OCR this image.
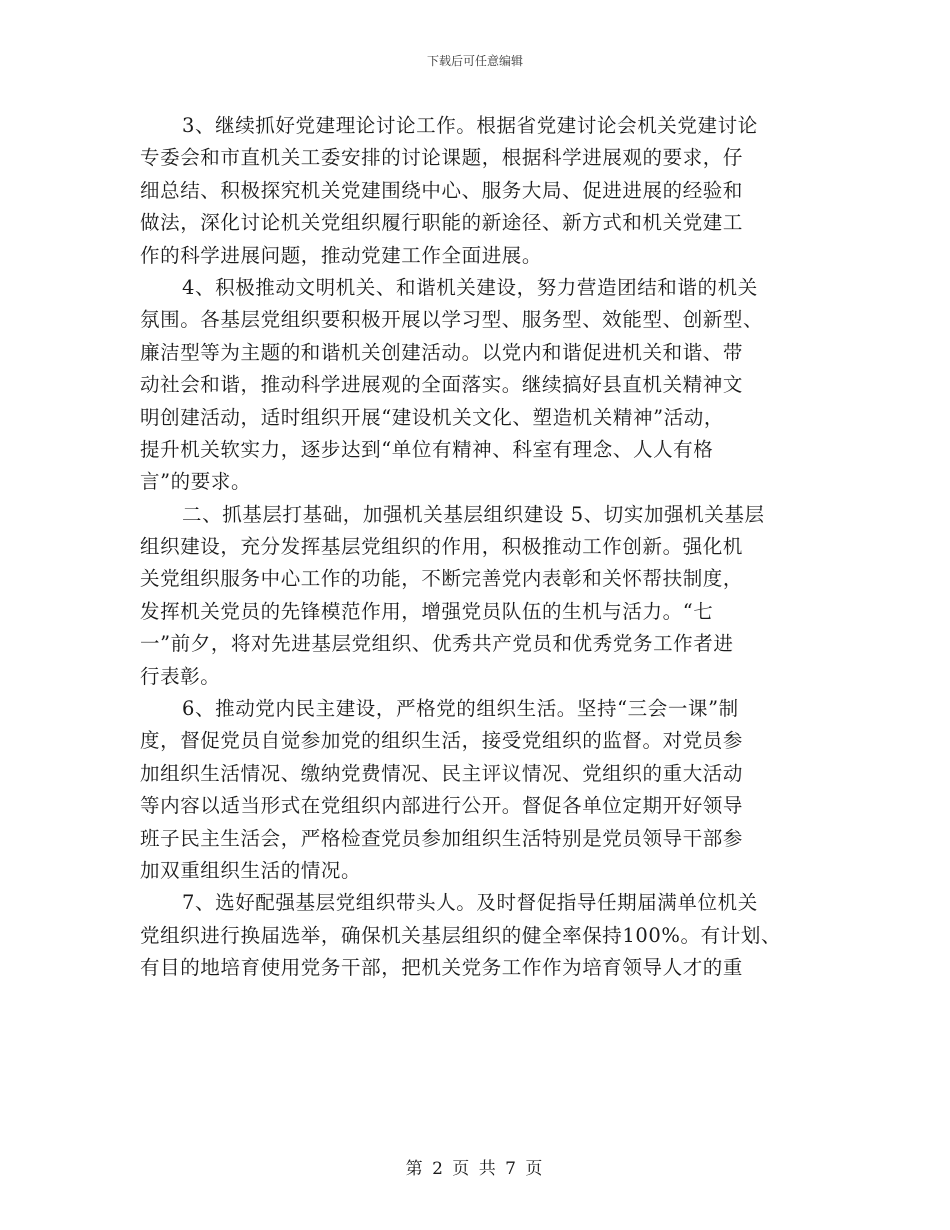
下载后可任意编辑
3、继续抓好党建理论讨论工作。根据省党建讨论会机关党建讨论
专委会和市直机关工委安排的讨论课题，根据科学进展观的要求，仔
细总结、积极探究机关党建围绕中心、服务大局、促进进展的经验和
做法，深化讨论机关党组织履行职能的新途径、新方式和机关党建工
作的科学进展问题，推动党建工作全面进展。
4、积极推动文明机关、和谐机关建设，努力营造团结和谐的机关
氛围。各基层党组织要积极开展以学习型、服务型、效能型、创新型、
廉洁型等为主题的和谐机关创建活动。以党内和谐促进机关和谐、带
动社会和谐，推动科学进展观的全面落实。继续搞好县直机关精神文
明创建活动，适时组织开展“建设机关文化、塑造机关精神”活动，
提升机关软实力，逐步达到“单位有精神、科室有理念、人人有格
言”的要求。
二、抓基层打基础，加强机关基层组织建设 5、切实加强机关基层
组织建设，充分发挥基层党组织的作用，积极推动工作创新。强化机
关党组织服务中心工作的功能，不断完善党内表彰和关怀帮扶制度，
发挥机关党员的先锋模范作用，增强党员队伍的生机与活力。“七
一”前夕，将对先进基层党组织、优秀共产党员和优秀党务工作者进
行表彰。
6、推动党内民主建设，严格党的组织生活。坚持“三会一课”制
度，督促党员自觉参加党的组织生活，接受党组织的监督。对党员参
加组织生活情况、缴纳党费情况、民主评议情况、党组织的重大活动
等内容以适当形式在党组织内部进行公开。督促各单位定期开好领导
班子民主生活会，严格检查党员参加组织生活特别是党员领导干部参
加双重组织生活的情况。
7、选好配强基层党组织带头人。及时督促指导任期届满单位机关
党组织进行换届选举，确保机关基层组织的健全率保持100%。有计划、
有目的地培育使用党务干部，把机关党务工作作为培育领导人才的重
第 2 页 共 7 页
